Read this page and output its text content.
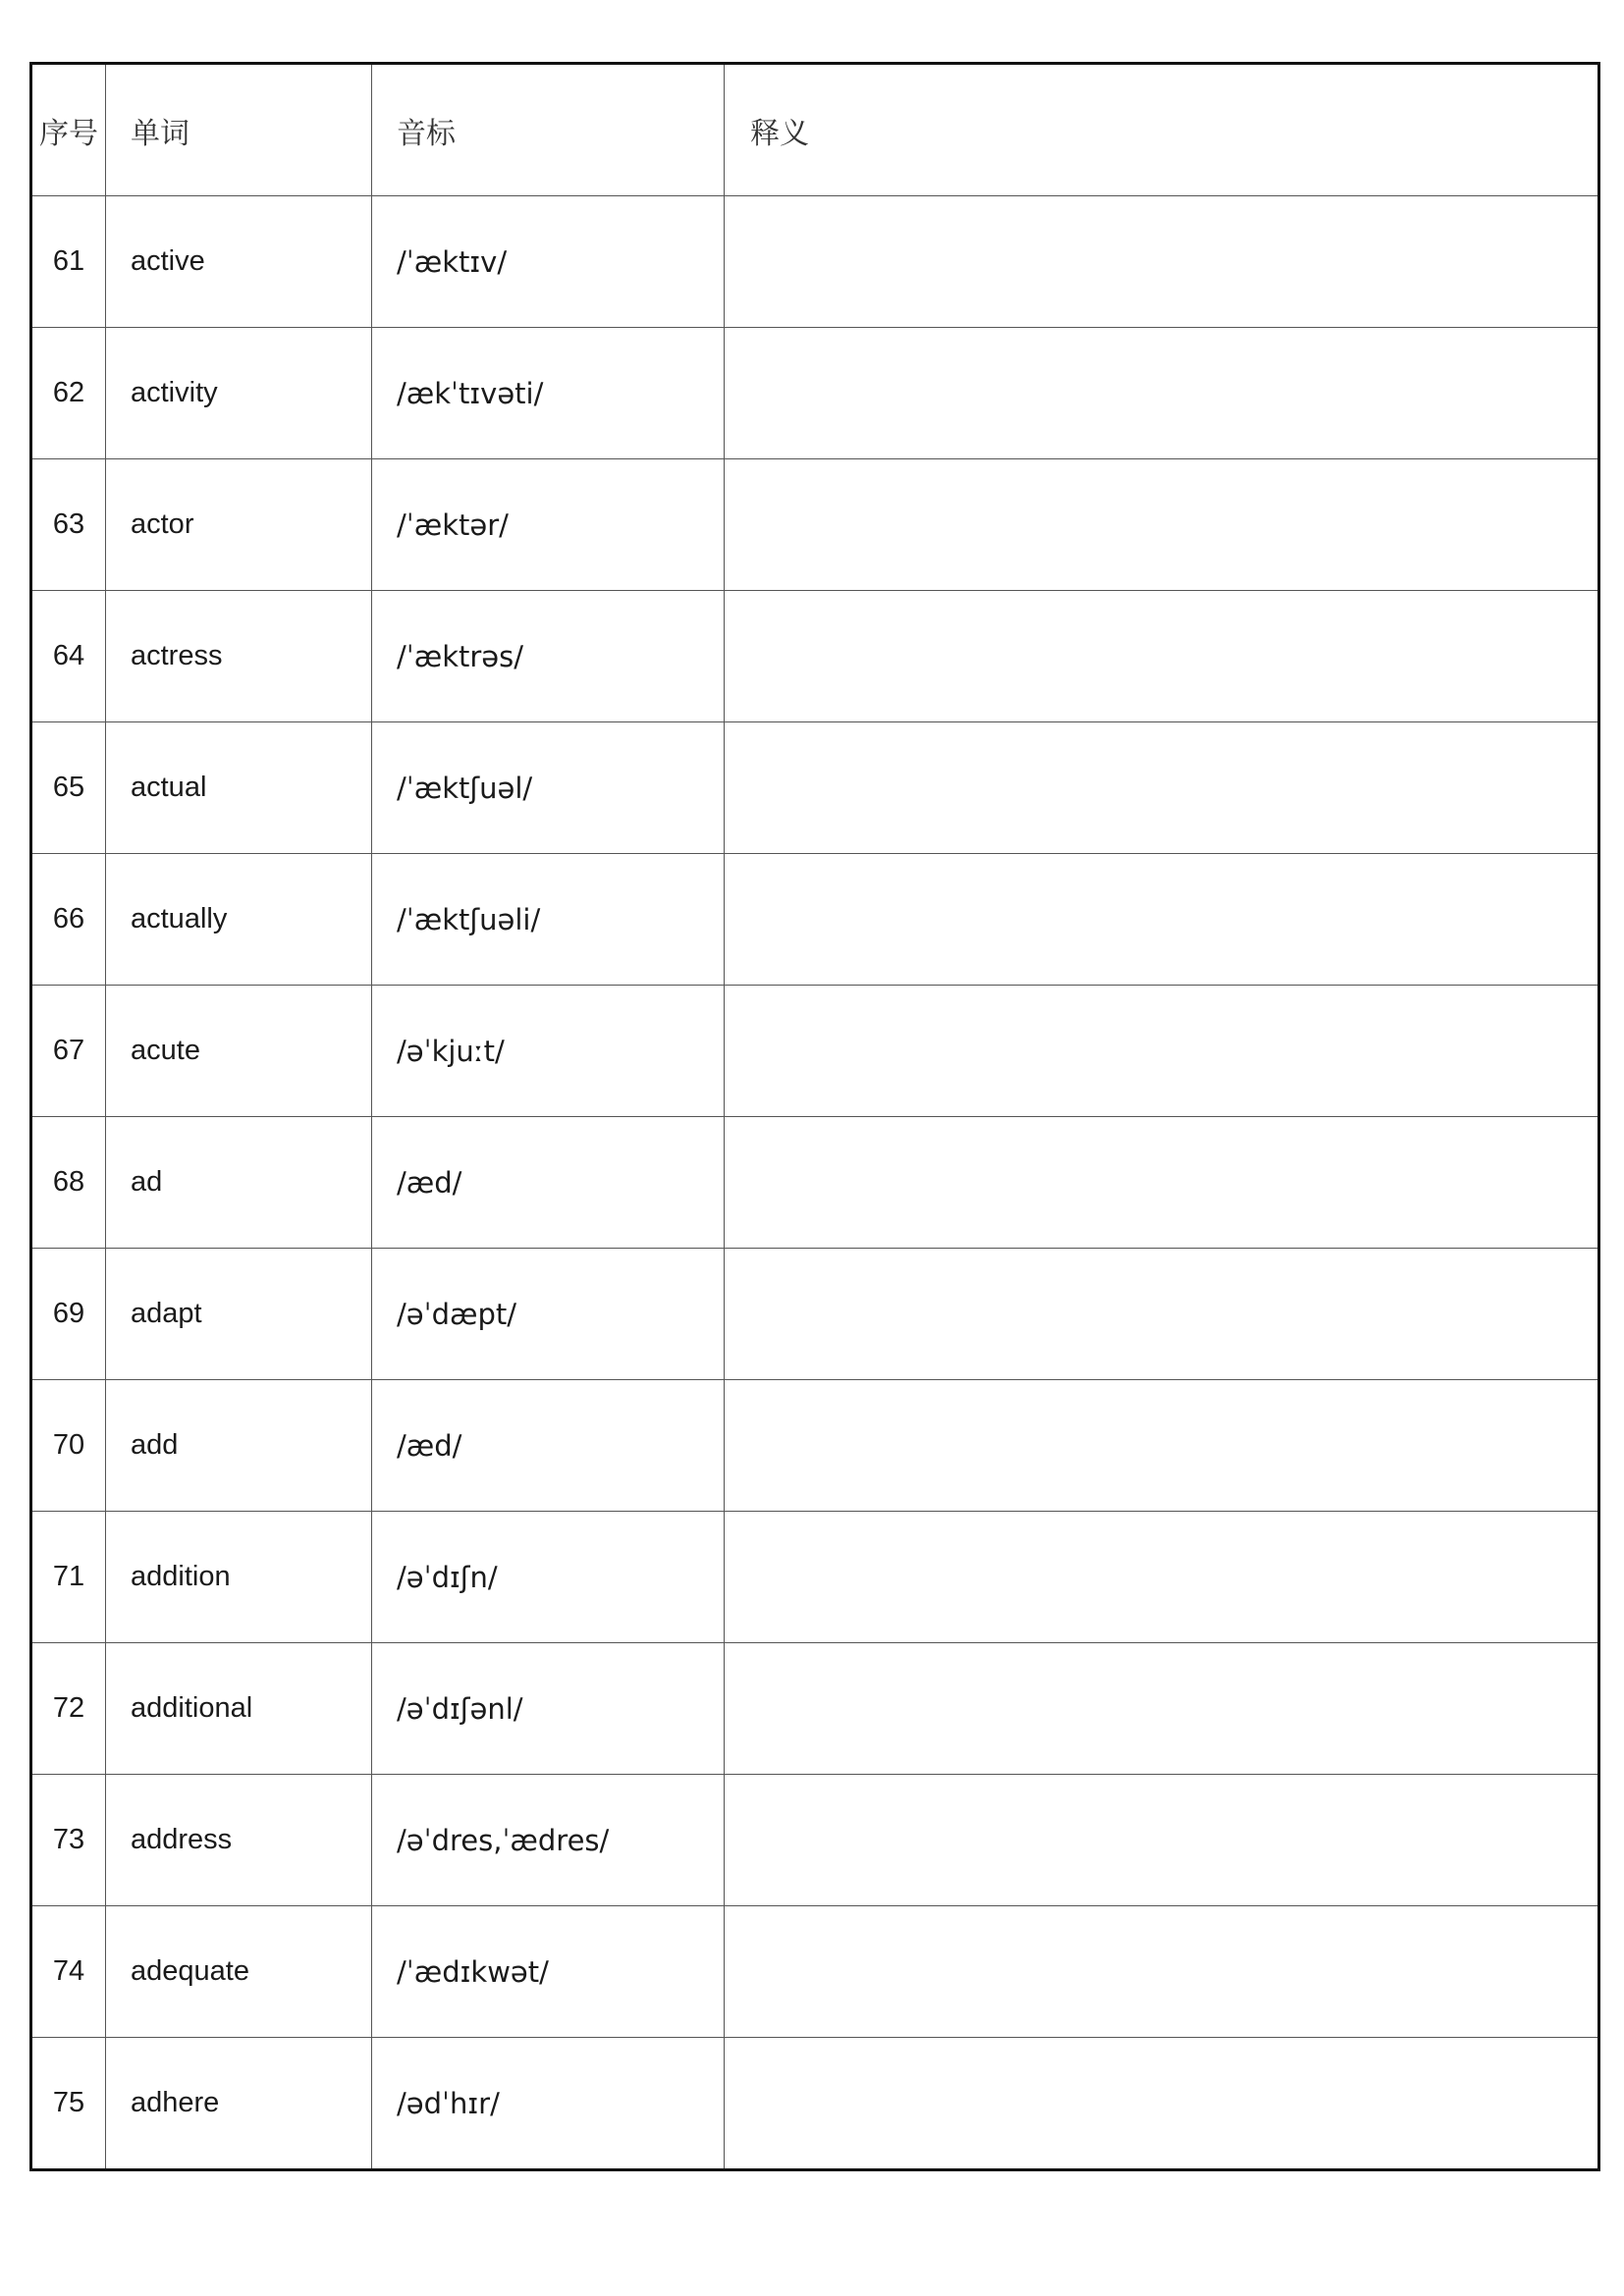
序号	单词	音标	释义
61	active	/ˈæktɪv/	
62	activity	/ækˈtɪvəti/	
63	actor	/ˈæktər/	
64	actress	/ˈæktrəs/	
65	actual	/ˈæktʃuəl/	
66	actually	/ˈæktʃuəli/	
67	acute	/əˈkjuːt/	
68	ad	/æd/	
69	adapt	/əˈdæpt/	
70	add	/æd/	
71	addition	/əˈdɪʃn/	
72	additional	/əˈdɪʃənl/	
73	address	/əˈdres,ˈædres/	
74	adequate	/ˈædɪkwət/	
75	adhere	/ədˈhɪr/	
